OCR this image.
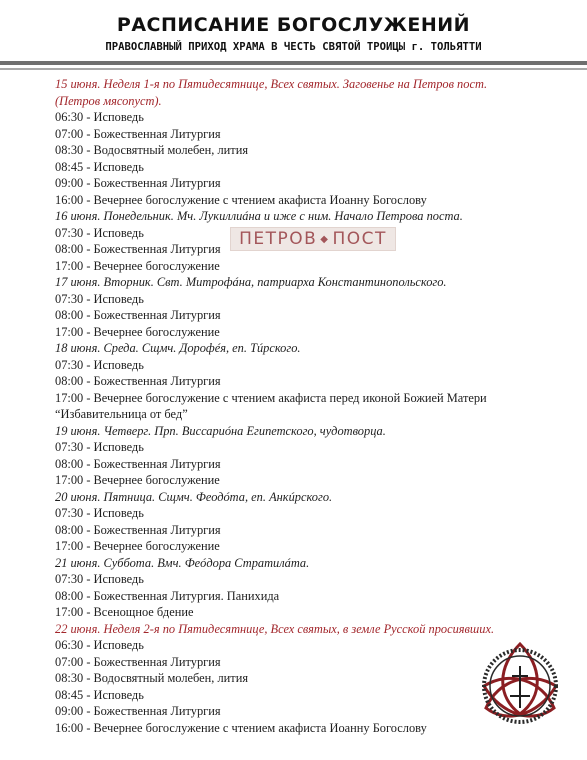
РАСПИСАНИЕ БОГОСЛУЖЕНИЙ
ПРАВОСЛАВНЫЙ ПРИХОД ХРАМА В ЧЕСТЬ СВЯТОЙ ТРОИЦЫ г. ТОЛЬЯТТИ
15 июня. Неделя 1-я по Пятидесятнице, Всех святых. Заговенье на Петров пост.
(Петров мясопуст).
06:30 - Исповедь
07:00 - Божественная Литургия
08:30 - Водосвятный молебен, лития
08:45 - Исповедь
09:00 - Божественная Литургия
16:00 - Вечернее богослужение с чтением акафиста Иоанну Богослову
16 июня. Понедельник. Мч. Лукиллиáна и иже с ним. Начало Петрова поста.
07:30 - Исповедь
08:00 - Божественная Литургия
17:00 - Вечернее богослужение
17 июня. Вторник. Свт. Митрофáна, патриарха Константинопольского.
07:30 - Исповедь
08:00 - Божественная Литургия
17:00 - Вечернее богослужение
18 июня. Среда. Сщмч. Дорофéя, еп. Тúрского.
07:30 - Исповедь
08:00 - Божественная Литургия
17:00 - Вечернее богослужение с чтением акафиста перед иконой Божией Матери
“Избавительница от бед”
19 июня. Четверг. Прп. Виссариóна Египетского, чудотворца.
07:30 - Исповедь
08:00 - Божественная Литургия
17:00 - Вечернее богослужение
20 июня. Пятница. Сщмч. Феодóта, еп. Анкúрского.
07:30 - Исповедь
08:00 - Божественная Литургия
17:00 - Вечернее богослужение
21 июня. Суббота. Вмч. Феóдора Стратилáта.
07:30 - Исповедь
08:00 - Божественная Литургия. Панихида
17:00 - Всенощное бдение
22 июня. Неделя 2-я по Пятидесятнице, Всех святых, в земле Русской просиявших.
06:30 - Исповедь
07:00 - Божественная Литургия
08:30 - Водосвятный молебен, лития
08:45 - Исповедь
09:00 - Божественная Литургия
16:00 - Вечернее богослужение с чтением акафиста Иоанну Богослову
ПЕТРОВ ◆ ПОСТ
